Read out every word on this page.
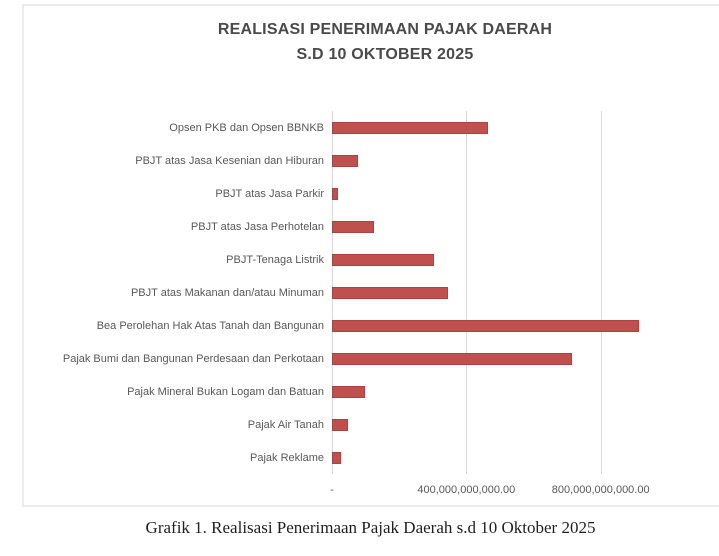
REALISASI PENERIMAAN PAJAK DAERAH
S.D 10 OKTOBER 2025
Opsen PKB dan Opsen BBNKB
PBJT atas Jasa Kesenian dan Hiburan
PBJT atas Jasa Parkir
PBJT atas Jasa Perhotelan
PBJT-Tenaga Listrik
PBJT atas Makanan dan/atau Minuman
Bea Perolehan Hak Atas Tanah dan Bangunan
Pajak Bumi dan Bangunan Perdesaan dan Perkotaan
Pajak Mineral Bukan Logam dan Batuan
Pajak Air Tanah
Pajak Reklame
-	400,000,000,000.00	800,000,000,000.00
Grafik 1. Realisasi Penerimaan Pajak Daerah s.d 10 Oktober 2025
